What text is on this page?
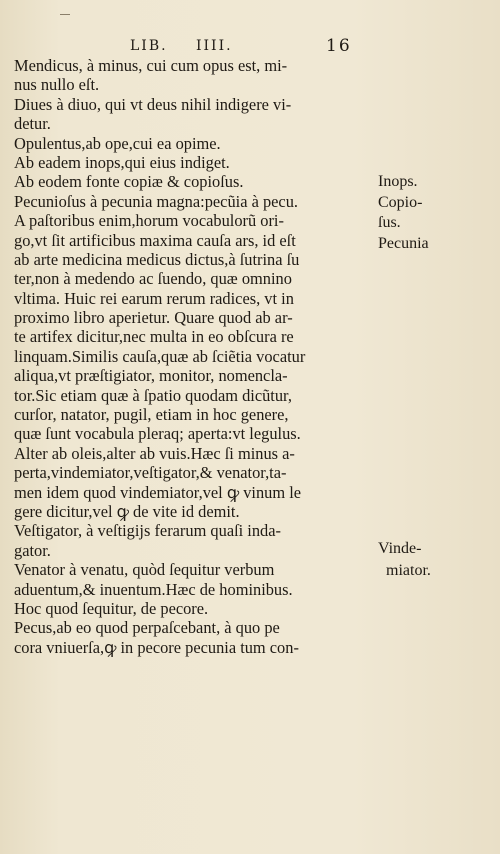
LIB. IIII.	16
Mendicus, à minus, cui cum opus est, mi-
nus nullo eſt.
Diues à diuo, qui vt deus nihil indigere vi-
detur.
Opulentus,ab ope,cui ea opime.
Ab eadem inops,qui eius indiget.
Ab eodem fonte copiæ & copioſus.
Pecunioſus à pecunia magna:pecũia à pecu.
A paſtoribus enim,horum vocabulorũ ori-
go,vt ſit artificibus maxima cauſa ars, id eſt
ab arte medicina medicus dictus,à ſutrina ſu
ter,non à medendo ac ſuendo, quæ omnino
vltima. Huic rei earum rerum radices, vt in
proximo libro aperietur. Quare quod ab ar-
te artifex dicitur,nec multa in eo obſcura re
linquam.Similis cauſa,quæ ab ſciẽtia vocatur
aliqua,vt præſtigiator, monitor, nomencla-
tor.Sic etiam quæ à ſpatio quodam dicũtur,
curſor, natator, pugil, etiam in hoc genere,
quæ ſunt vocabula pleraq; aperta:vt legulus.
Alter ab oleis,alter ab vuis.Hæc ſi minus a-
perta,vindemiator,veſtigator,& venator,ta-
men idem quod vindemiator,vel ꝙ vinum le
gere dicitur,vel ꝙ de vite id demit.
Veſtigator, à veſtigijs ferarum quaſi inda-
gator.
Venator à venatu, quòd ſequitur verbum
aduentum,& inuentum.Hæc de hominibus.
Hoc quod ſequitur, de pecore.
Pecus,ab eo quod perpaſcebant, à quo pe
cora vniuerſa,ꝙ in pecore pecunia tum con-
Inops.
Copio-
ſus.
Pecunia
Vinde-
miator.
